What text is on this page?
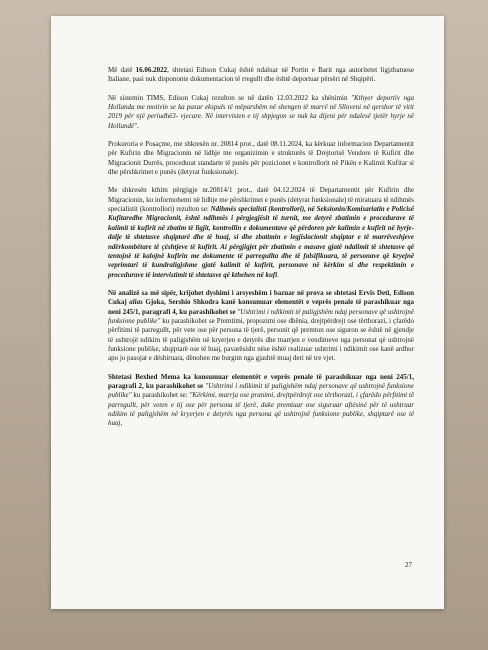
Më datë 16.06.2022, shtetasi Edison Cukaj është ndaluar në Portin e Barit nga autoritetet ligjzbatuese Italiane, pasi nuk dispononte dokumentacion të rregullt dhe është deportuar përsëri në Shqipëri.

Në sistemin TIMS, Edison Cukaj rezulton se në datën 12.03.2022 ka shënimin "Kthyer deportiv nga Hollanda me motivin se ka pasur ekspuls të mëparshëm në shengen të marrë në Slloveni në qershor të vitit 2019 për një periudhë3- vjecare. Në intervisten e tij shpjegon se nuk ka dijeni për ndalesë tjetër hyrje në Hollandë".

Prokuroria e Posaçme, me shkresën nr. 20814 prot., datë 08.11.2024, ka kërkuar informacion Departamentit për Kufirin dhe Migracionin në lidhje me organizimin e strukturës të Drejtorisë Vendore të Kufirit dhe Migracionit Durrës, procedurat standarte të punës për pozicionet e kontrollorit në Pikën e Kalimit Kufitar si dhe përshkrimet e punës (detyrat funksionale).

Me shkresën kthim përgjigje nr.20814/1 prot., datë 04.12.2024 të Departamentit për Kufirin dhe Migracionin, ku informohemi në lidhje me përshkrimet e punës (detyrat funksionale) të miratuara të ndihmës specialistit (kontrollori) rezulton se: Ndihmës specialisti (kontrollori), në Seksionin/Komisariatin e Policisë Kufitaredhe Migracionit, është ndihmës i përgjegjësit të turnit, me detyrë zbatimin e procedurave të kalimit të kufirit në zbatim të ligjit, kontrollin e dokumentave që përdoren për kalimin e kufirit në hyrje-dalje të shtetasve shqiptarë dhe të huaj, si dhe zbatimin e legjislacionit shqiptar e të marrëveshjeve ndërkombëtare të çështjeve të kufirit. Ai përgjigjet për zbatimin e masave gjatë ndalimit të shtetasve që tentojnë të kalojnë kufirin me dokumente të parregullta dhe të falsifikuara, të personave që kryejnë veprimtari të kundraligjshme gjatë kalimit të kufirit, personave në kërkim si dhe respektimin e procedurave të intervistimit të shtetasve që kthehen në kufi.

Në analizë sa më sipër, krijohet dyshimi i arsyeshëm i bazuar në prova se shtetasi Ervis Deti, Edison Cukaj alias Gjoka, Sershio Shkodra kanë konsumuar elementët e veprës penale të parashikuar nga neni 245/1, paragrafi 4, ku parashikohet se "Ushtrimi i ndikimit të paligjshëm ndaj personave që ushtrojnë funksione publike" ku parashikohet se Premtimi, propozimi ose dhënia, drejtpërdrejt ose tërthorazi, i çfarëdo përfitimi të parregullt, për vete ose për persona të tjerë, personit që premton ose siguron se është në gjendje të ushtrojë ndikim të paligjshëm në kryerjen e detyrës dhe marrjen e vendimeve nga personat që ushtrojnë funksione publike, shqiptarë ose të huaj, pavarësisht nëse është realizuar ushtrimi i ndikimit ose kanë ardhur apo jo pasojat e dëshiruara, dënohen me burgim nga gjashtë muaj deri në tre vjet.

Shtetasi Bexhed Mema ka konsumuar elementët e veprës penale të parashikuar nga neni 245/1, paragrafi 2, ku parashikohet se "Ushtrimi i ndikimit të paligjshëm ndaj personave që ushtrojnë funksione publike" ku parashikohet se: "Kërkimi, marrja ose pranimi, drejtpërdrejt ose tërthorazi, i çfarëdo përfitimi të parregullt, për veten e tij ose për persona të tjerë, duke premtuar ose siguruar aftësinë për të ushtruar ndikim të paligjshëm në kryerjen e detyrës nga persona që ushtrojnë funksione publike, shqiptarë ose të huaj,

27
